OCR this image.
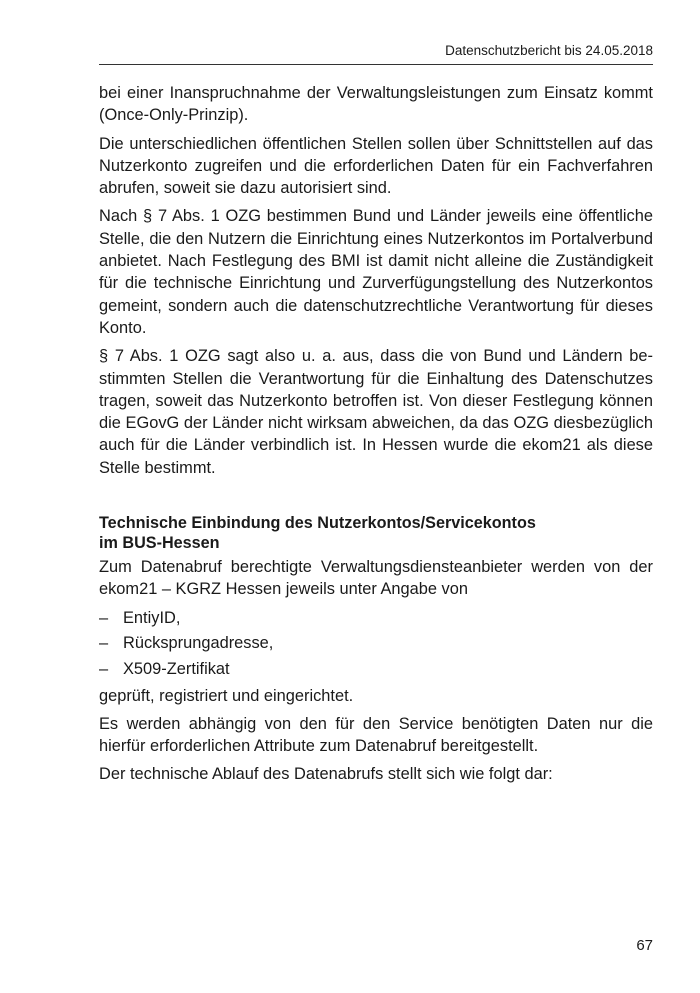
Datenschutzbericht bis 24.05.2018

bei einer Inanspruchnahme der Verwaltungsleistungen zum Einsatz kommt (Once-Only-Prinzip).

Die unterschiedlichen öffentlichen Stellen sollen über Schnittstellen auf das Nutzerkonto zugreifen und die erforderlichen Daten für ein Fachverfahren abrufen, soweit sie dazu autorisiert sind.

Nach § 7 Abs. 1 OZG bestimmen Bund und Länder jeweils eine öffentliche Stelle, die den Nutzern die Einrichtung eines Nutzerkontos im Portalverbund anbietet. Nach Festlegung des BMI ist damit nicht alleine die Zuständigkeit für die technische Einrichtung und Zurverfügungstellung des Nutzerkontos gemeint, sondern auch die datenschutzrechtliche Verantwortung für dieses Konto.

§ 7 Abs. 1 OZG sagt also u. a. aus, dass die von Bund und Ländern be- stimmten Stellen die Verantwortung für die Einhaltung des Datenschutzes tragen, soweit das Nutzerkonto betroffen ist. Von dieser Festlegung können die EGovG der Länder nicht wirksam abweichen, da das OZG diesbezüglich auch für die Länder verbindlich ist. In Hessen wurde die ekom21 als diese Stelle bestimmt.

Technische Einbindung des Nutzerkontos/Servicekontos
im BUS-Hessen

Zum Datenabruf berechtigte Verwaltungsdiensteanbieter werden von der ekom21 – KGRZ Hessen jeweils unter Angabe von

– EntiyID,
– Rücksprungadresse,
– X509-Zertifikat

geprüft, registriert und eingerichtet.

Es werden abhängig von den für den Service benötigten Daten nur die hierfür erforderlichen Attribute zum Datenabruf bereitgestellt.

Der technische Ablauf des Datenabrufs stellt sich wie folgt dar:

67
